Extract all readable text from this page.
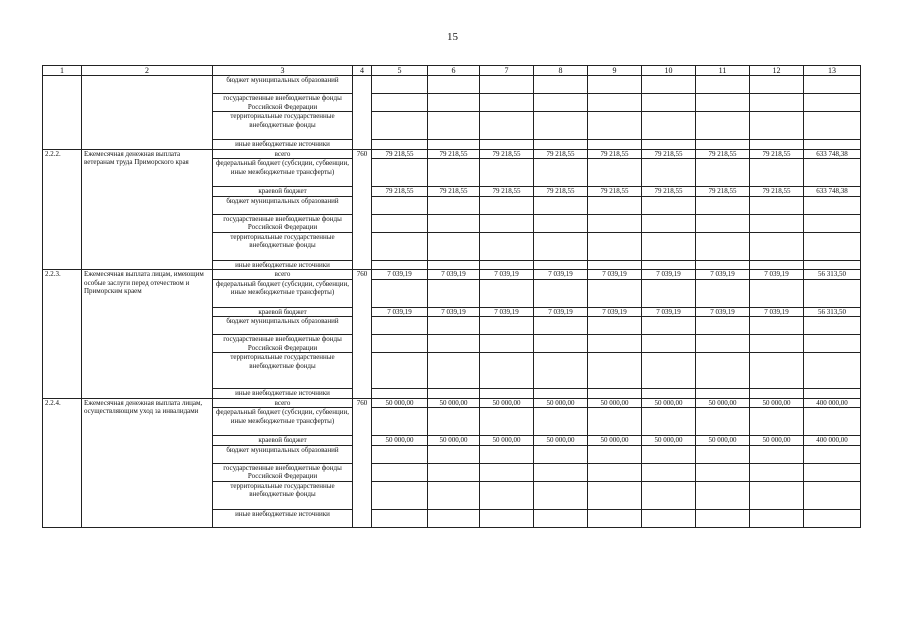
15
1	2	3	4	5	6	7	8	9	10	11	12	13
		бюджет муниципальных образований										
		государственные внебюджетные фонды Российской Федерации										
		территориальные государственные внебюджетные фонды										
		иные внебюджетные источники										
2.2.2.	Ежемесячная денежная выплата ветеранам труда Приморского края	всего	760	79 218,55	79 218,55	79 218,55	79 218,55	79 218,55	79 218,55	79 218,55	79 218,55	633 748,38
		федеральный бюджет (субсидии, субвенции, иные межбюджетные трансферты)										
		краевой бюджет		79 218,55	79 218,55	79 218,55	79 218,55	79 218,55	79 218,55	79 218,55	79 218,55	633 748,38
		бюджет муниципальных образований										
		государственные внебюджетные фонды Российской Федерации										
		территориальные государственные внебюджетные фонды										
		иные внебюджетные источники										
2.2.3.	Ежемесячная выплата лицам, имеющим особые заслуги перед отечеством и Приморским краем	всего	760	7 039,19	7 039,19	7 039,19	7 039,19	7 039,19	7 039,19	7 039,19	7 039,19	56 313,50
		федеральный бюджет (субсидии, субвенции, иные межбюджетные трансферты)										
		краевой бюджет		7 039,19	7 039,19	7 039,19	7 039,19	7 039,19	7 039,19	7 039,19	7 039,19	56 313,50
		бюджет муниципальных образований										
		государственные внебюджетные фонды Российской Федерации										
		территориальные государственные внебюджетные фонды										
		иные внебюджетные источники										
2.2.4.	Ежемесячная денежная выплата лицам, осуществляющим уход за инвалидами	всего	760	50 000,00	50 000,00	50 000,00	50 000,00	50 000,00	50 000,00	50 000,00	50 000,00	400 000,00
		федеральный бюджет (субсидии, субвенции, иные межбюджетные трансферты)										
		краевой бюджет		50 000,00	50 000,00	50 000,00	50 000,00	50 000,00	50 000,00	50 000,00	50 000,00	400 000,00
		бюджет муниципальных образований										
		государственные внебюджетные фонды Российской Федерации										
		территориальные государственные внебюджетные фонды										
		иные внебюджетные источники										
